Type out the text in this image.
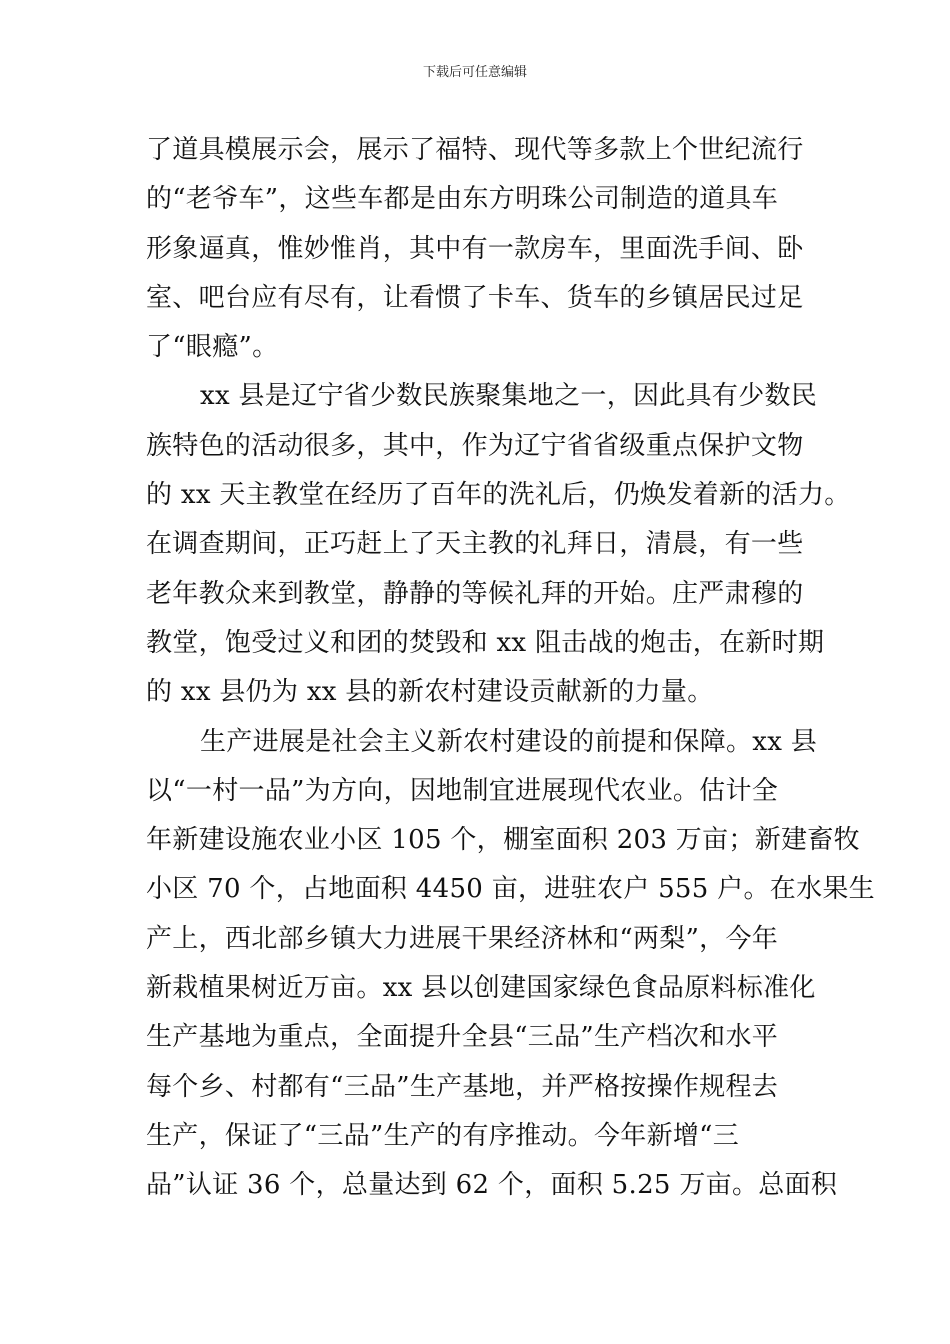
下载后可任意编辑
了道具模展示会，展示了福特、现代等多款上个世纪流行
的“老爷车”，这些车都是由东方明珠公司制造的道具车
形象逼真，惟妙惟肖，其中有一款房车，里面洗手间、卧
室、吧台应有尽有，让看惯了卡车、货车的乡镇居民过足
了“眼瘾”。
xx 县是辽宁省少数民族聚集地之一，因此具有少数民
族特色的活动很多，其中，作为辽宁省省级重点保护文物
的 xx 天主教堂在经历了百年的洗礼后，仍焕发着新的活力。
在调查期间，正巧赶上了天主教的礼拜日，清晨，有一些
老年教众来到教堂，静静的等候礼拜的开始。庄严肃穆的
教堂，饱受过义和团的焚毁和 xx 阻击战的炮击，在新时期
的 xx 县仍为 xx 县的新农村建设贡献新的力量。
生产进展是社会主义新农村建设的前提和保障。xx 县
以“一村一品”为方向，因地制宜进展现代农业。估计全
年新建设施农业小区 105 个，棚室面积 203 万亩；新建畜牧
小区 70 个，占地面积 4450 亩，进驻农户 555 户。在水果生
产上，西北部乡镇大力进展干果经济林和“两梨”，今年
新栽植果树近万亩。xx 县以创建国家绿色食品原料标准化
生产基地为重点，全面提升全县“三品”生产档次和水平
每个乡、村都有“三品”生产基地，并严格按操作规程去
生产，保证了“三品”生产的有序推动。今年新增“三
品”认证 36 个，总量达到 62 个，面积 5.25 万亩。总面积
